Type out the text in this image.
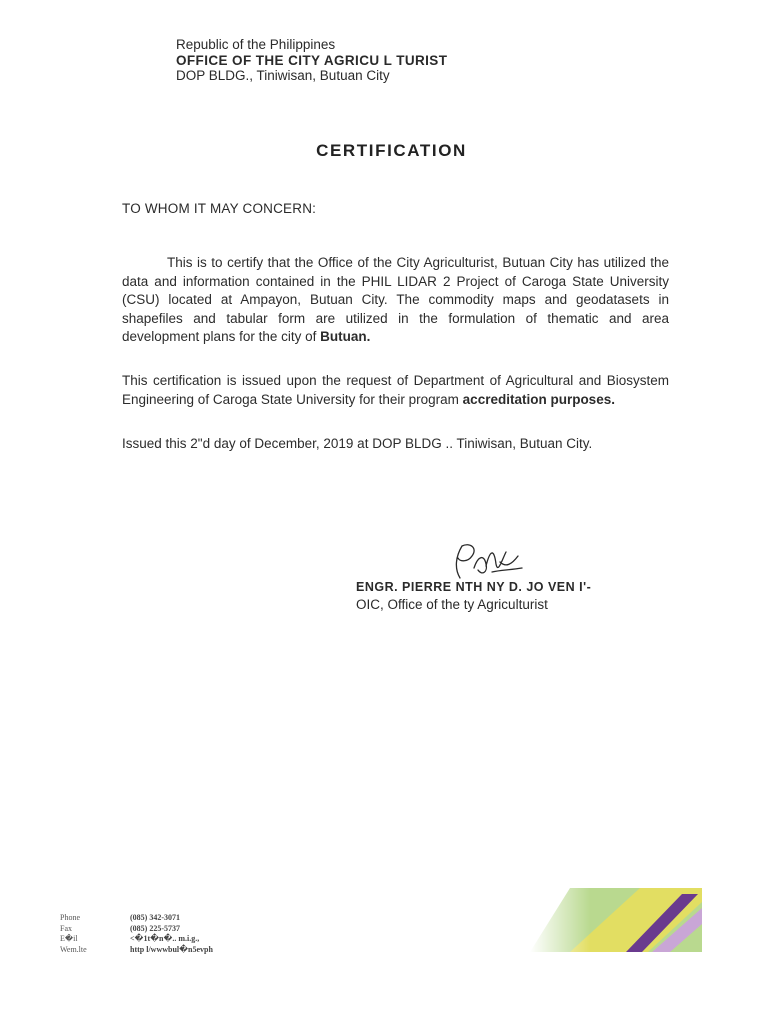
Republic of the Philippines
OFFICE OF THE CITY AGRICU L TURIST
DOP BLDG., Tiniwisan, Butuan City
CERTIFICATION
TO WHOM IT MAY CONCERN:
This is to certify that the Office of the City Agriculturist, Butuan City has utilized the data and information contained in the PHIL LIDAR 2 Project of Caroga State University (CSU) located at Ampayon, Butuan City. The commodity maps and geodatasets in shapefiles and tabular form are utilized in the formulation of thematic and area development plans for the city of Butuan.
This certification is issued upon the request of Department of Agricultural and Biosystem Engineering of Caroga State University for their program accreditation purposes.
Issued this 2"d day of December, 2019 at DOP BLDG .. Tiniwisan, Butuan City.
ENGR. PIERRE NTH NY D. JO VEN I'-
OIC, Office of the ty Agriculturist
Phone	(085) 342-3071
Fax	(085) 225-5737
E�il	<�1t�n�.. m.i.g.,
Wem.lte	http l/wwwbul�n5evph
